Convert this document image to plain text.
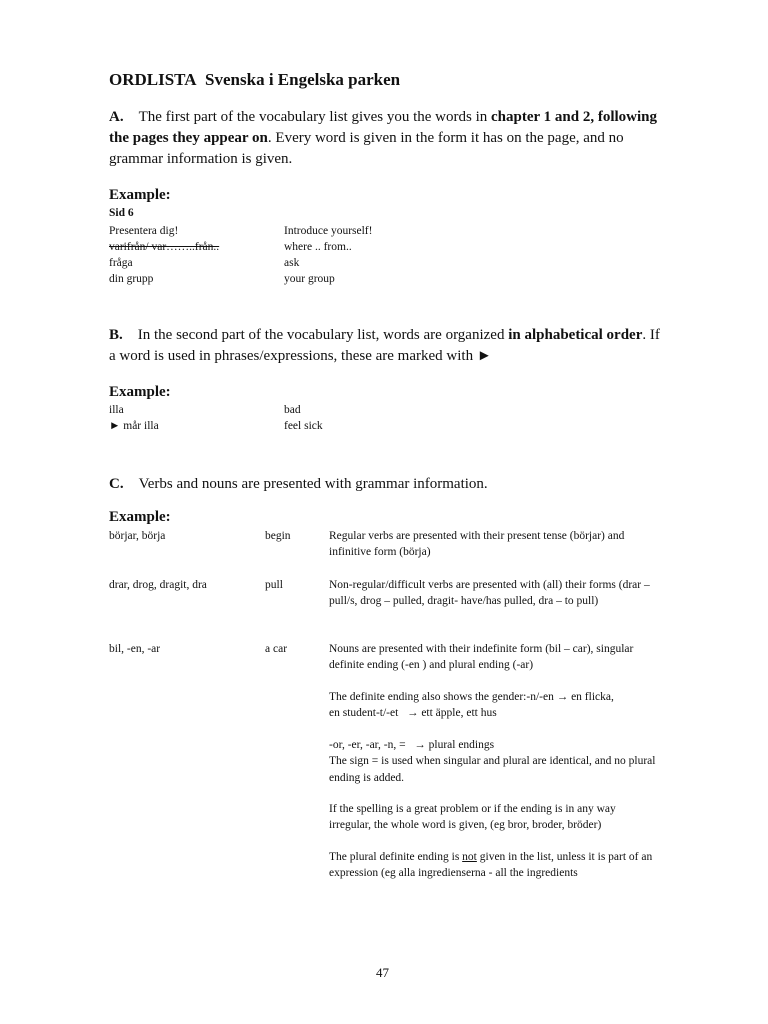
ORDLISTA Svenska i Engelska parken
A. The first part of the vocabulary list gives you the words in chapter 1 and 2, following the pages they appear on. Every word is given in the form it has on the page, and no grammar information is given.
Example:
Sid 6
Presentera dig!	Introduce yourself!
varifrån/ var……..från..	where .. from..
fråga	ask
din grupp	your group
B. In the second part of the vocabulary list, words are organized in alphabetical order. If a word is used in phrases/expressions, these are marked with ►
Example:
illa	bad
► mår illa	feel sick
C. Verbs and nouns are presented with grammar information.
Example:
börjar, börja	begin	Regular verbs are presented with their present tense (börjar) and infinitive form (börja)
drar, drog, dragit, dra	pull	Non-regular/difficult verbs are presented with (all) their forms (drar – pull/s, drog – pulled, dragit- have/has pulled, dra – to pull)
bil, -en, -ar	a car	Nouns are presented with their indefinite form (bil – car), singular definite ending (-en ) and plural ending (-ar)
The definite ending also shows the gender:-n/-en → en flicka,
en student-t/-et → ett äpple, ett hus
-or, -er, -ar, -n, = → plural endings
The sign = is used when singular and plural are identical, and no plural ending is added.
If the spelling is a great problem or if the ending is in any way irregular, the whole word is given, (eg bror, broder, bröder)
The plural definite ending is not given in the list, unless it is part of an expression (eg alla ingredienserna - all the ingredients
47
